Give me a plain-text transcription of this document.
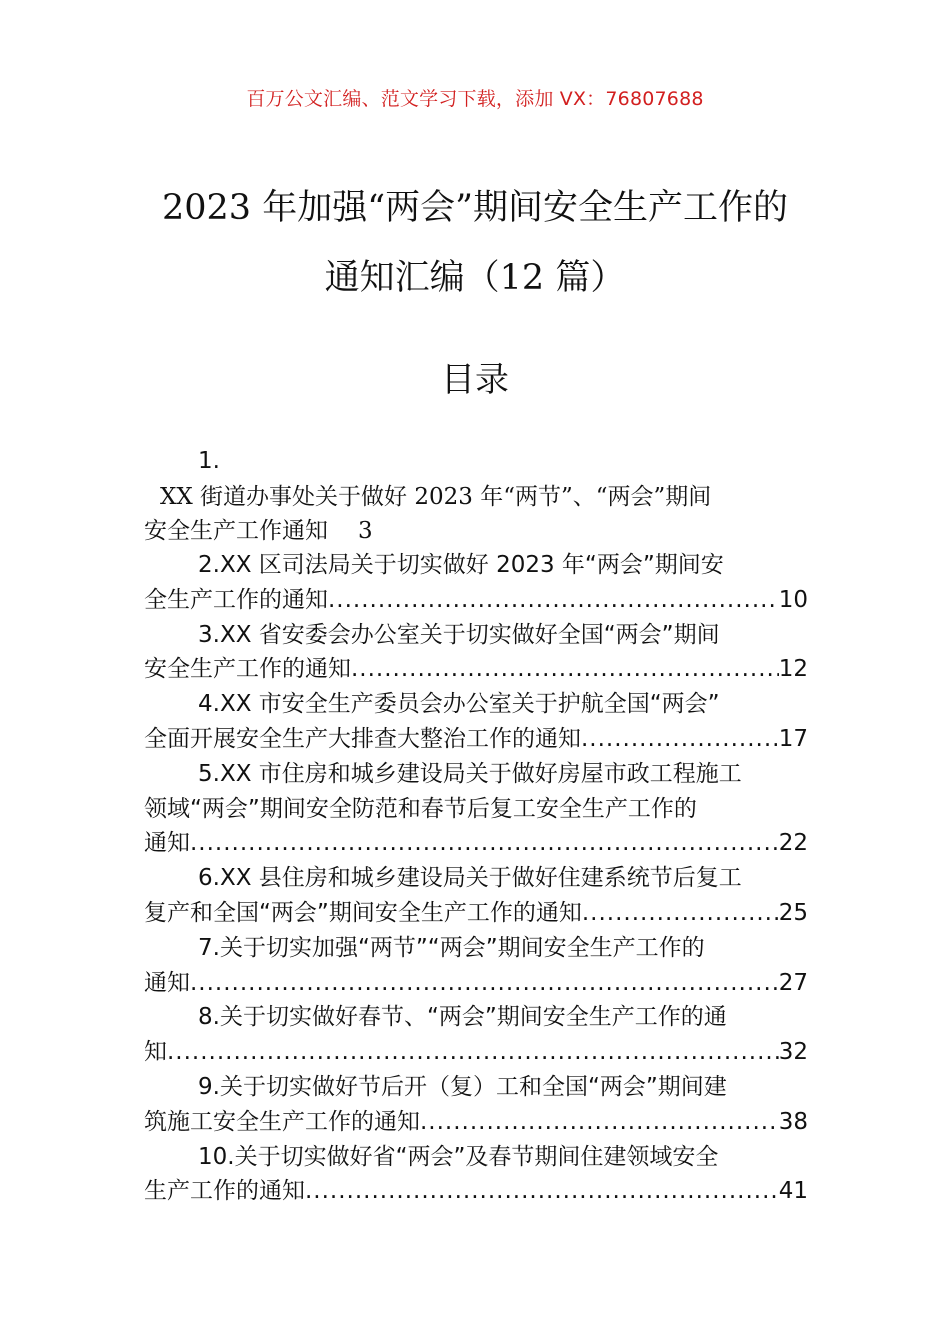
百万公文汇编、范文学习下载，添加 VX：76807688
2023 年加强“两会”期间安全生产工作的
通知汇编（12 篇）
目录
1.
XX 街道办事处关于做好 2023 年“两节”、“两会”期间
安全生产工作通知 3
2.XX 区司法局关于切实做好 2023 年“两会”期间安
全生产工作的通知 .....	10
3.XX 省安委会办公室关于切实做好全国“两会”期间
安全生产工作的通知 .....	12
4.XX 市安全生产委员会办公室关于护航全国“两会”
全面开展安全生产大排查大整治工作的通知 .....	17
5.XX 市住房和城乡建设局关于做好房屋市政工程施工
领域“两会”期间安全防范和春节后复工安全生产工作的
通知 .....	22
6.XX 县住房和城乡建设局关于做好住建系统节后复工
复产和全国“两会”期间安全生产工作的通知 .....	25
7.关于切实加强“两节”“两会”期间安全生产工作的
通知 .....	27
8.关于切实做好春节、“两会”期间安全生产工作的通
知 .....	32
9.关于切实做好节后开（复）工和全国“两会”期间建
筑施工安全生产工作的通知 .....	38
10.关于切实做好省“两会”及春节期间住建领域安全
生产工作的通知 .....	41
